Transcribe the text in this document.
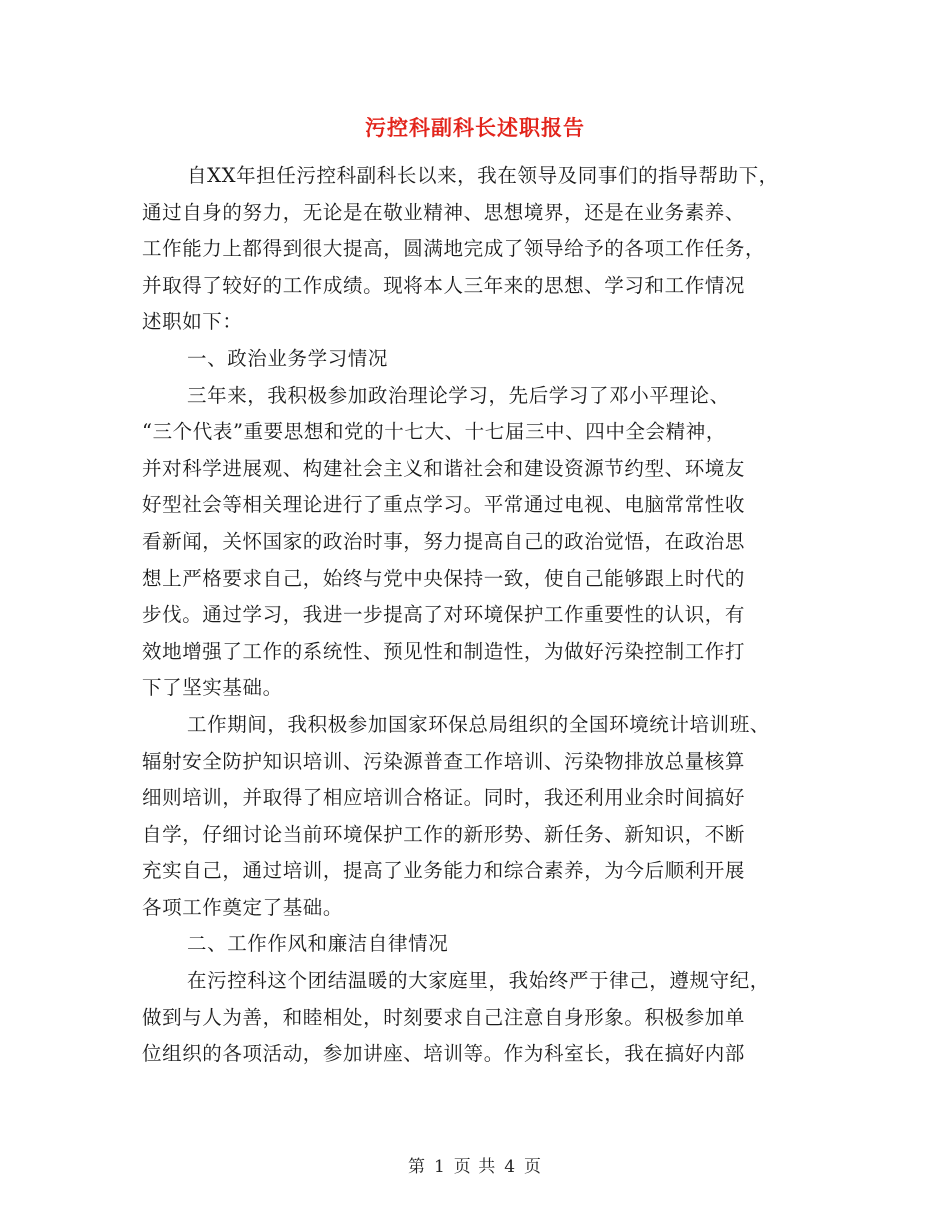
污控科副科长述职报告
自XX年担任污控科副科长以来，我在领导及同事们的指导帮助下，
通过自身的努力，无论是在敬业精神、思想境界，还是在业务素养、
工作能力上都得到很大提高，圆满地完成了领导给予的各项工作任务，
并取得了较好的工作成绩。现将本人三年来的思想、学习和工作情况
述职如下：
一、政治业务学习情况
三年来，我积极参加政治理论学习，先后学习了邓小平理论、
“三个代表”重要思想和党的十七大、十七届三中、四中全会精神，
并对科学进展观、构建社会主义和谐社会和建设资源节约型、环境友
好型社会等相关理论进行了重点学习。平常通过电视、电脑常常性收
看新闻，关怀国家的政治时事，努力提高自己的政治觉悟，在政治思
想上严格要求自己，始终与党中央保持一致，使自己能够跟上时代的
步伐。通过学习，我进一步提高了对环境保护工作重要性的认识，有
效地增强了工作的系统性、预见性和制造性，为做好污染控制工作打
下了坚实基础。
工作期间，我积极参加国家环保总局组织的全国环境统计培训班、
辐射安全防护知识培训、污染源普查工作培训、污染物排放总量核算
细则培训，并取得了相应培训合格证。同时，我还利用业余时间搞好
自学，仔细讨论当前环境保护工作的新形势、新任务、新知识，不断
充实自己，通过培训，提高了业务能力和综合素养，为今后顺利开展
各项工作奠定了基础。
二、工作作风和廉洁自律情况
在污控科这个团结温暖的大家庭里，我始终严于律己，遵规守纪，
做到与人为善，和睦相处，时刻要求自己注意自身形象。积极参加单
位组织的各项活动，参加讲座、培训等。作为科室长，我在搞好内部
第 1 页 共 4 页
